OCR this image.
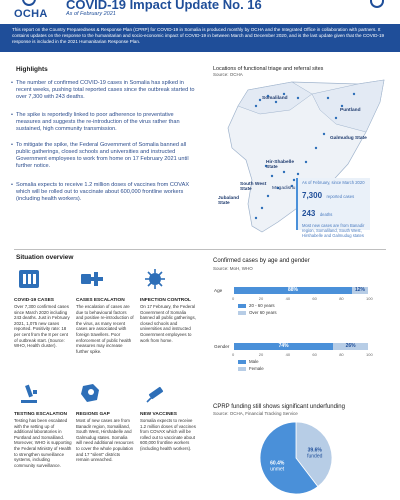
OCHA
COVID-19 Impact Update No. 16
As of February 2021
This report on the Country Preparedness & Response Plan (CPRP) for COVID-19 in Somalia is produced monthly by OCHA and the Integrated Office in collaboration with partners. It contains updates on the response to the humanitarian and socio-economic impact of COVID-19 in between March and December 2020, and is the last update given that the COVID-19 response is included in the 2021 Humanitarian Response Plan.
Highlights

• The number of confirmed COVID-19 cases in Somalia has spiked in recent weeks, pushing total reported cases since the outbreak started to over 7,300 with 243 deaths.

• The spike is reportedly linked to poor adherence to preventative measures and suggests the re-introduction of the virus rather than sustained, high community transmission.

• To mitigate the spike, the Federal Government of Somalia banned all public gatherings, closed schools and universities and instructed Government employees to work from home on 17 February 2021 until further notice.

• Somalia expects to receive 1.2 million doses of vaccines from COVAX which will be rolled out to vaccinate about 600,000 frontline workers (including health workers).

Locations of functional triage and referral sites
Source: OCHA
Somaliland
Puntland
Galmudug State
Hir-Shabelle State
South West State
Jubaland State
Mogadishu
As of February, since March 2020
7,300 reported cases
243 deaths
Most new cases are from Banadir region, Somaliland, South West, Hirshabelle and Galmudug states
Situation overview
COVID-19 CASES
Over 7,300 confirmed cases since March 2020 including 243 deaths. Just in February 2021, 1,075 new cases reported. Positivity rate: 18 per cent from the 8 per cent of outbreak start. (Source: WHO, Health cluster).
CASES ESCALATION
The escalation of cases are due to behavioural factors and positive re-introduction of the virus, as many recent cases are associated with foreign travellers. Poor enforcement of public health measures may increase further spike.
INFECTION CONTROL
On 17 February, the Federal Government of Somalia banned all public gatherings, closed schools and universities and instructed Government employees to work from home.
TESTING ESCALATION
Testing has been escalated with the setting up of additional laboratories in Puntland and Somaliland. Moreover, WHO is supporting the Federal Ministry of Health to strengthen surveillance systems, including community surveillance.
REGIONS GAP
Most of new cases are from Banadir region, Somaliland, South West, Hirshabelle and Galmudug states. Somalia will need additional resources to cover the whole population and 17 "silent" districts remain unreached.
NEW VACCINES
Somalia expects to receive 1.2 million doses of vaccines from COVAX which will be rolled out to vaccinate about 600,000 frontline workers (including health workers).
Confirmed cases by age and gender
Source: MoH, WHO
Age	88%	12%
0	20	40	60	80	100
20 - 60 years
Over 60 years
Gender	74%	26%
0	20	40	60	80	100
Male
Female
CPRP funding still shows significant underfunding
Source: OCHA, Financial Tracking Service
39.6% funded
60.4% unmet
